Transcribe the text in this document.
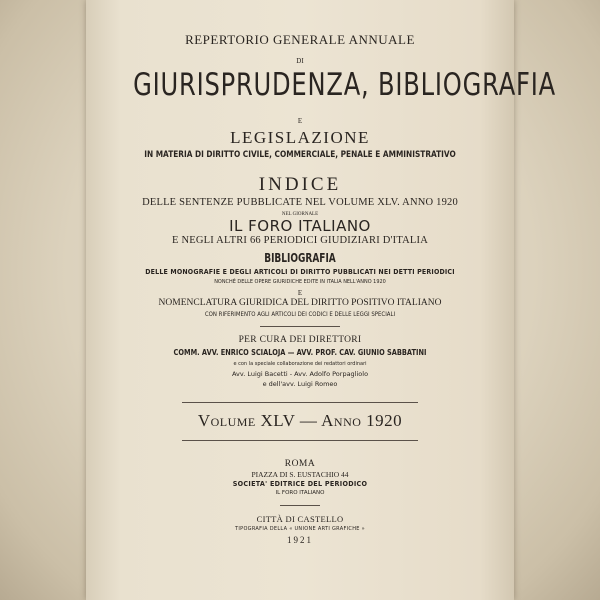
REPERTORIO GENERALE ANNUALE
DI
GIURISPRUDENZA, BIBLIOGRAFIA
E
LEGISLAZIONE
IN MATERIA DI DIRITTO CIVILE, COMMERCIALE, PENALE E AMMINISTRATIVO
INDICE
DELLE SENTENZE PUBBLICATE NEL VOLUME XLV. ANNO 1920
NEL GIORNALE
IL FORO ITALIANO
E NEGLI ALTRI 66 PERIODICI GIUDIZIARI D'ITALIA
BIBLIOGRAFIA
DELLE MONOGRAFIE E DEGLI ARTICOLI DI DIRITTO PUBBLICATI NEI DETTI PERIODICI
NONCHÈ DELLE OPERE GIURIDICHE EDITE IN ITALIA NELL'ANNO 1920
E
NOMENCLATURA GIURIDICA DEL DIRITTO POSITIVO ITALIANO
CON RIFERIMENTO AGLI ARTICOLI DEI CODICI E DELLE LEGGI SPECIALI
PER CURA DEI DIRETTORI
COMM. AVV. ENRICO SCIALOJA — AVV. PROF. CAV. GIUNIO SABBATINI
e con la speciale collaborazione dei redattori ordinari
Avv. Luigi Bacetti - Avv. Adolfo Porpagliolo
e dell'avv. Luigi Romeo
Volume XLV — Anno 1920
ROMA
PIAZZA DI S. EUSTACHIO 44
SOCIETA' EDITRICE DEL PERIODICO
IL FORO ITALIANO
CITTÀ DI CASTELLO
TIPOGRAFIA DELLA « UNIONE ARTI GRAFICHE »
1921
